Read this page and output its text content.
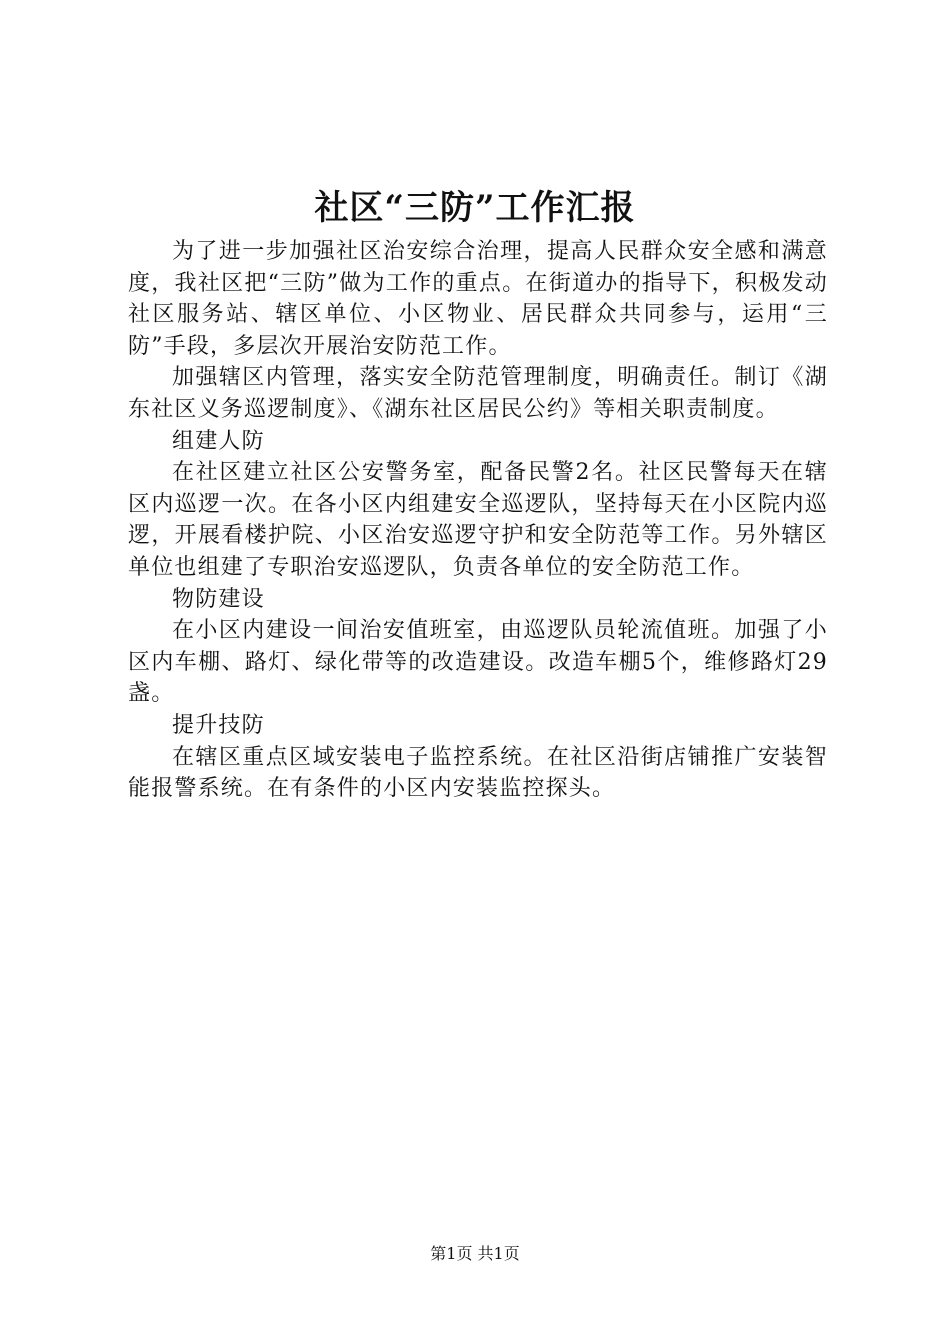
社区“三防”工作汇报

为了进一步加强社区治安综合治理，提高人民群众安全感和满意度，我社区把“三防”做为工作的重点。在街道办的指导下，积极发动社区服务站、辖区单位、小区物业、居民群众共同参与，运用“三防”手段，多层次开展治安防范工作。

加强辖区内管理，落实安全防范管理制度，明确责任。制订《湖东社区义务巡逻制度》、《湖东社区居民公约》等相关职责制度。

组建人防

在社区建立社区公安警务室，配备民警2名。社区民警每天在辖区内巡逻一次。在各小区内组建安全巡逻队，坚持每天在小区院内巡逻，开展看楼护院、小区治安巡逻守护和安全防范等工作。另外辖区单位也组建了专职治安巡逻队，负责各单位的安全防范工作。

物防建设

在小区内建设一间治安值班室，由巡逻队员轮流值班。加强了小区内车棚、路灯、绿化带等的改造建设。改造车棚5个，维修路灯29盏。

提升技防

在辖区重点区域安装电子监控系统。在社区沿街店铺推广安装智能报警系统。在有条件的小区内安装监控探头。

第1页 共1页
